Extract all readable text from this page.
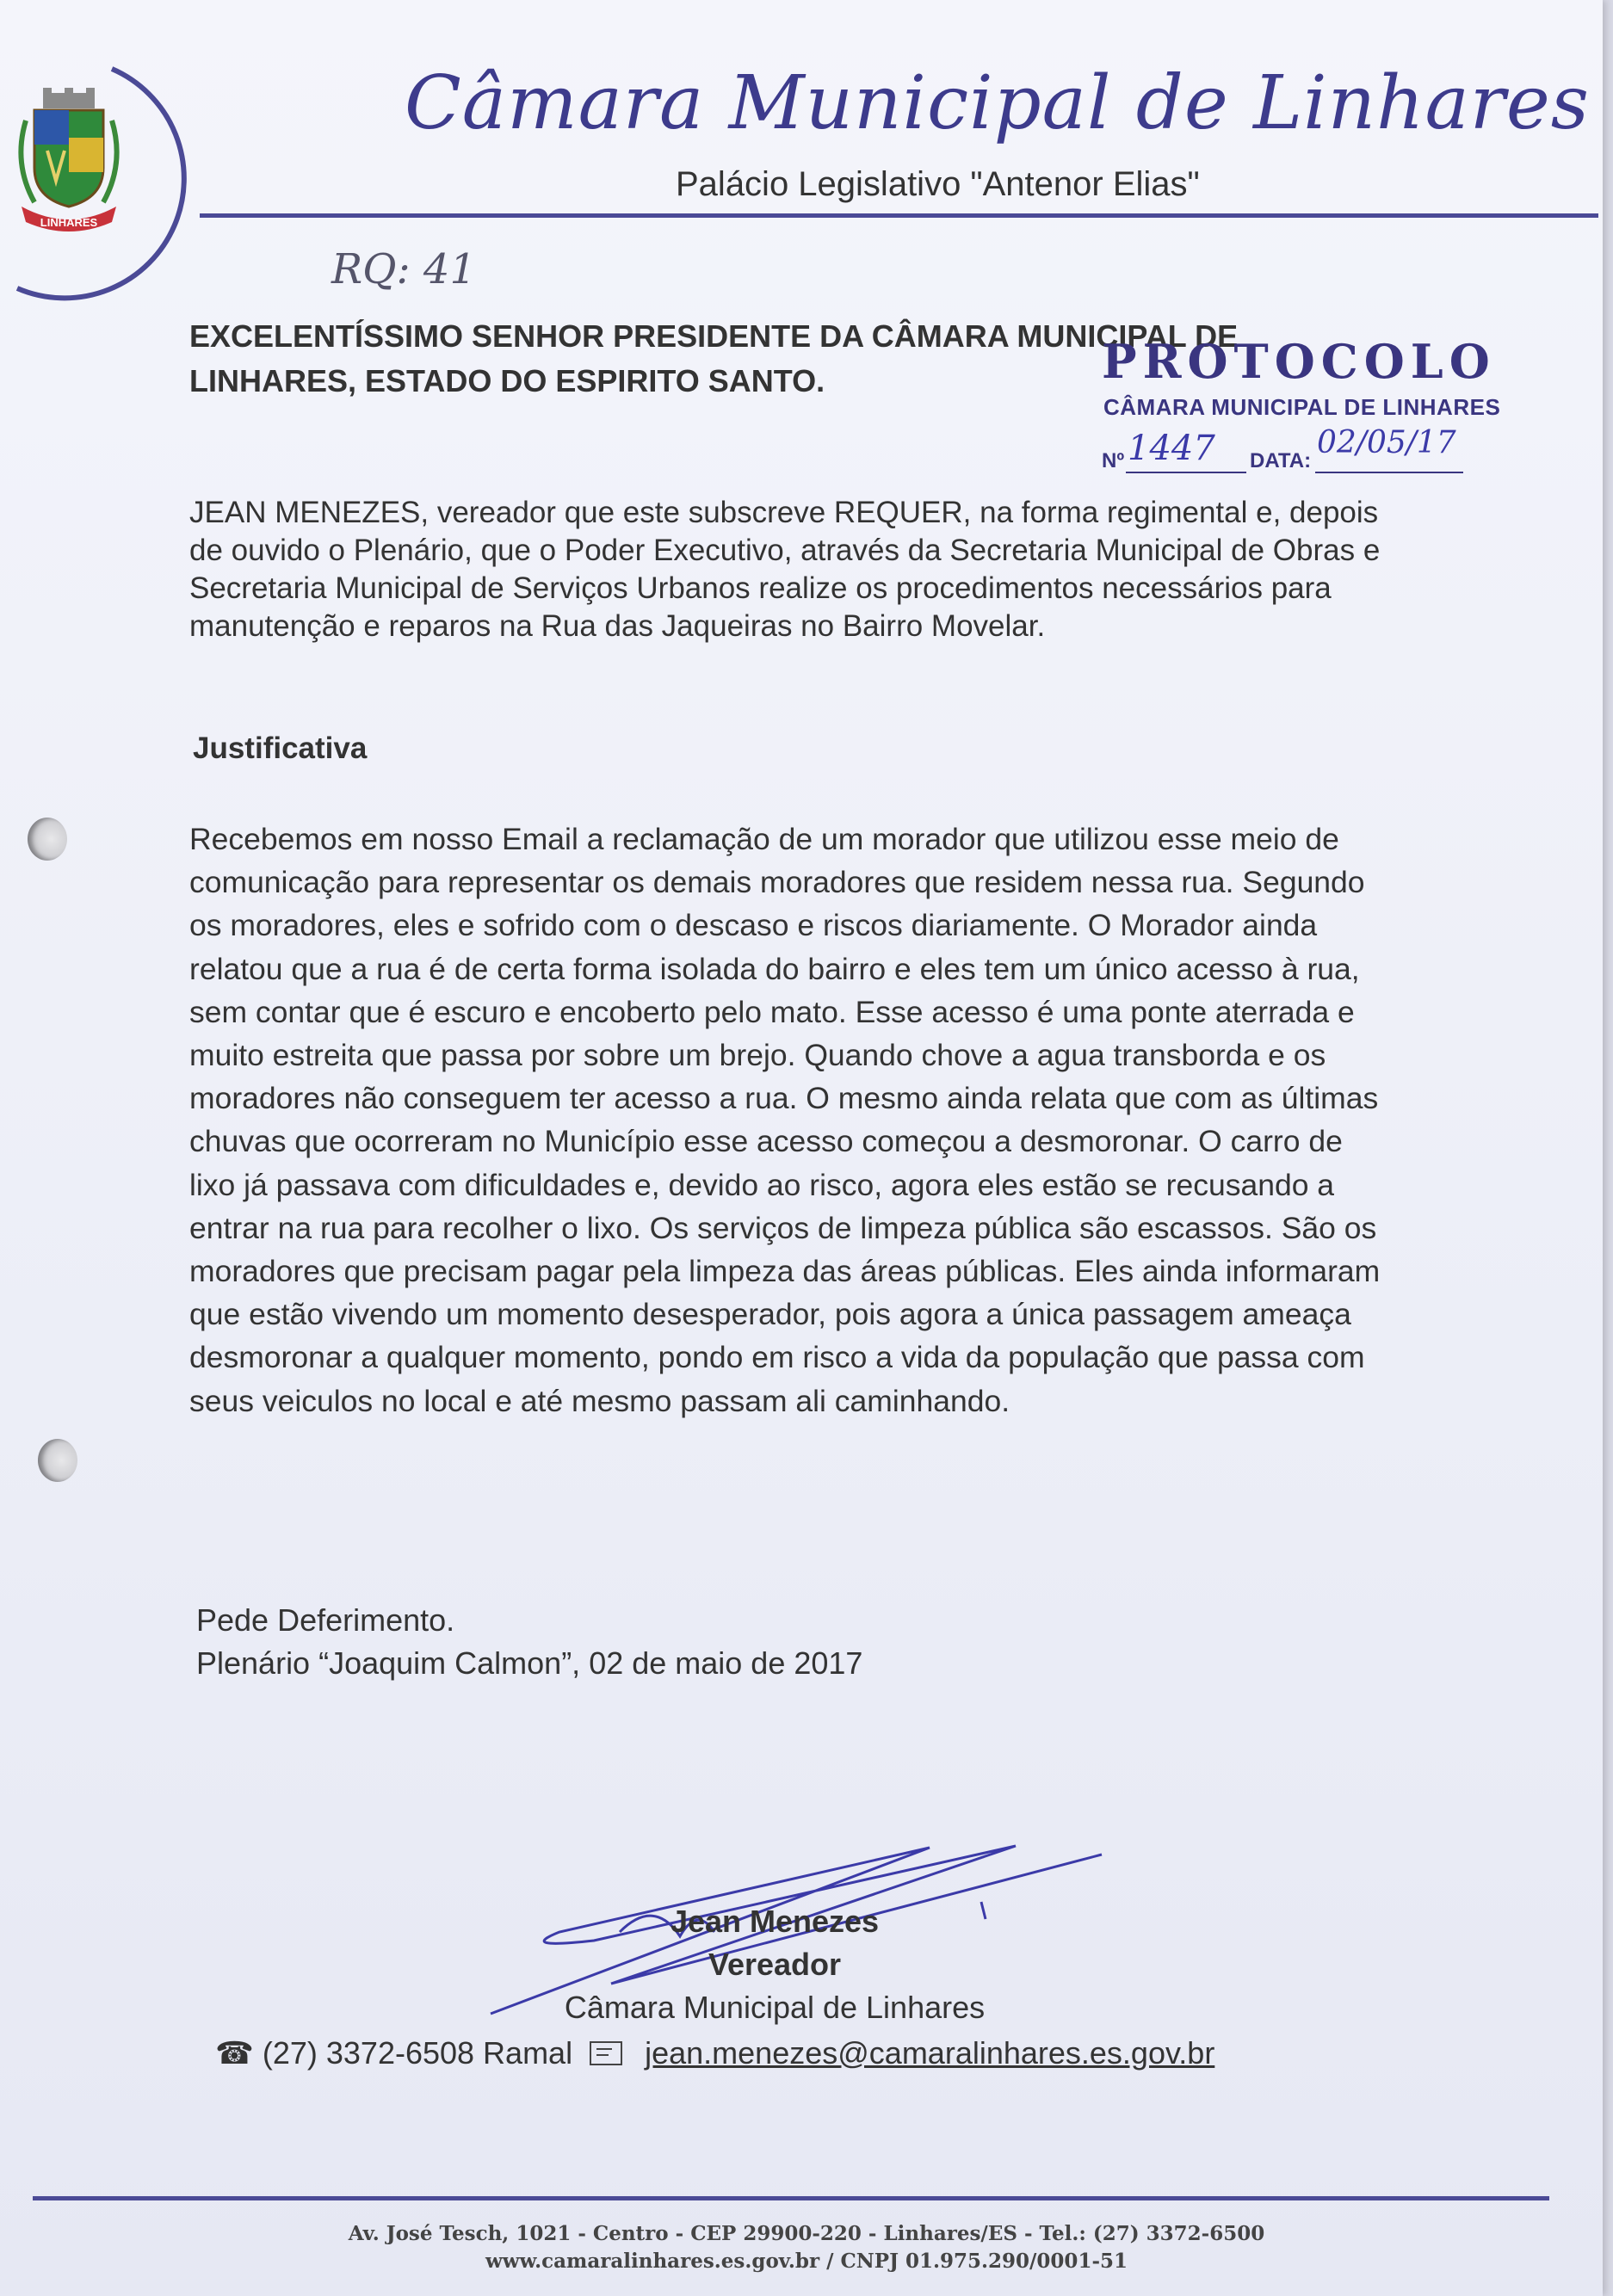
LINHARES
Câmara Municipal de Linhares
Palácio Legislativo "Antenor Elias"
RQ: 41
EXCELENTÍSSIMO SENHOR PRESIDENTE DA CÂMARA MUNICIPAL DE LINHARES, ESTADO DO ESPIRITO SANTO.	PROTOCOLO
CÂMARA MUNICIPAL DE LINHARES
Nº 1447 DATA:
02/05/17
JEAN MENEZES, vereador que este subscreve REQUER, na forma regimental e, depois de ouvido o Plenário, que o Poder Executivo, através da Secretaria Municipal de Obras e Secretaria Municipal de Serviços Urbanos realize os procedimentos necessários para manutenção e reparos na Rua das Jaqueiras no Bairro Movelar.
Justificativa
Recebemos em nosso Email a reclamação de um morador que utilizou esse meio de comunicação para representar os demais moradores que residem nessa rua. Segundo os moradores, eles e sofrido com o descaso e riscos diariamente. O Morador ainda relatou que a rua é de certa forma isolada do bairro e eles tem um único acesso à rua, sem contar que é escuro e encoberto pelo mato. Esse acesso é uma ponte aterrada e muito estreita que passa por sobre um brejo. Quando chove a agua transborda e os moradores não conseguem ter acesso a rua. O mesmo ainda relata que com as últimas chuvas que ocorreram no Município esse acesso começou a desmoronar. O carro de lixo já passava com dificuldades e, devido ao risco, agora eles estão se recusando a entrar na rua para recolher o lixo. Os serviços de limpeza pública são escassos. São os moradores que precisam pagar pela limpeza das áreas públicas. Eles ainda informaram que estão vivendo um momento desesperador, pois agora a única passagem ameaça desmoronar a qualquer momento, pondo em risco a vida da população que passa com seus veiculos no local e até mesmo passam ali caminhando.
Pede Deferimento.
Plenário “Joaquim Calmon”, 02 de maio de 2017
Jean Menezes
Vereador
Câmara Municipal de Linhares
☎ (27) 3372-6508 Ramal jean.menezes@camaralinhares.es.gov.br
Av. José Tesch, 1021 - Centro - CEP 29900-220 - Linhares/ES - Tel.: (27) 3372-6500
www.camaralinhares.es.gov.br / CNPJ 01.975.290/0001-51
